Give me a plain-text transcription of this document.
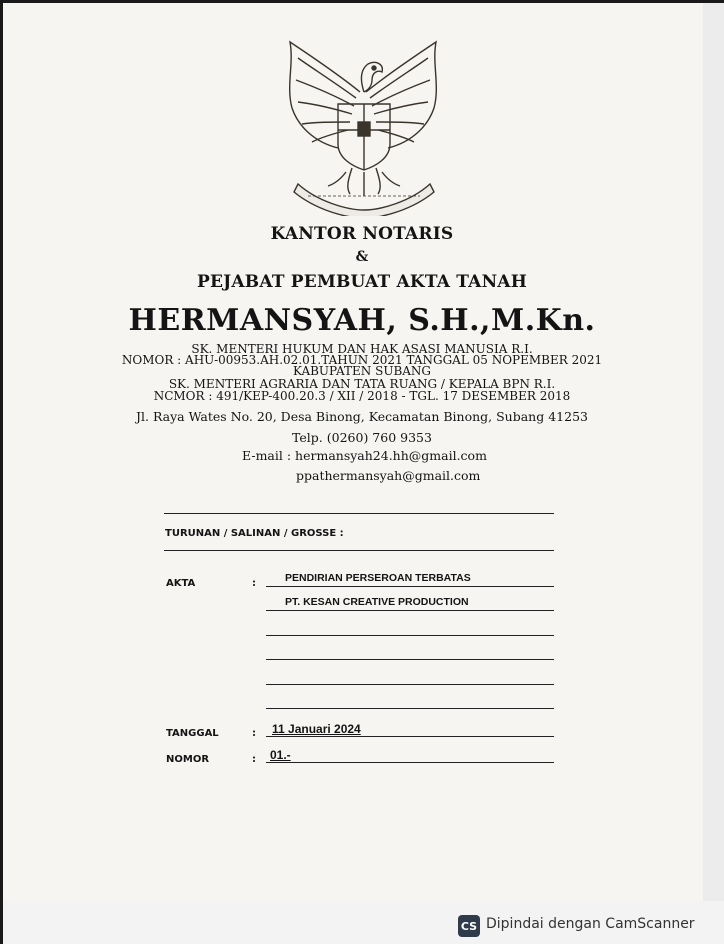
KANTOR NOTARIS
&
PEJABAT PEMBUAT AKTA TANAH
HERMANSYAH, S.H.,M.Kn.
SK. MENTERI HUKUM DAN HAK ASASI MANUSIA R.I.
NOMOR : AHU-00953.AH.02.01.TAHUN 2021 TANGGAL 05 NOPEMBER 2021
KABUPATEN SUBANG
SK. MENTERI AGRARIA DAN TATA RUANG / KEPALA BPN R.I.
NCMOR : 491/KEP-400.20.3 / XII / 2018 - TGL. 17 DESEMBER 2018
Jl. Raya Wates No. 20, Desa Binong, Kecamatan Binong, Subang 41253
Telp. (0260) 760 9353
E-mail : hermansyah24.hh@gmail.com
ppathermansyah@gmail.com
TURUNAN / SALINAN / GROSSE :
AKTA	:	PENDIRIAN PERSEROAN TERBATAS
PT. KESAN CREATIVE PRODUCTION
TANGGAL	: 11 Januari 2024
NOMOR	: 01.-
CS Dipindai dengan CamScanner
